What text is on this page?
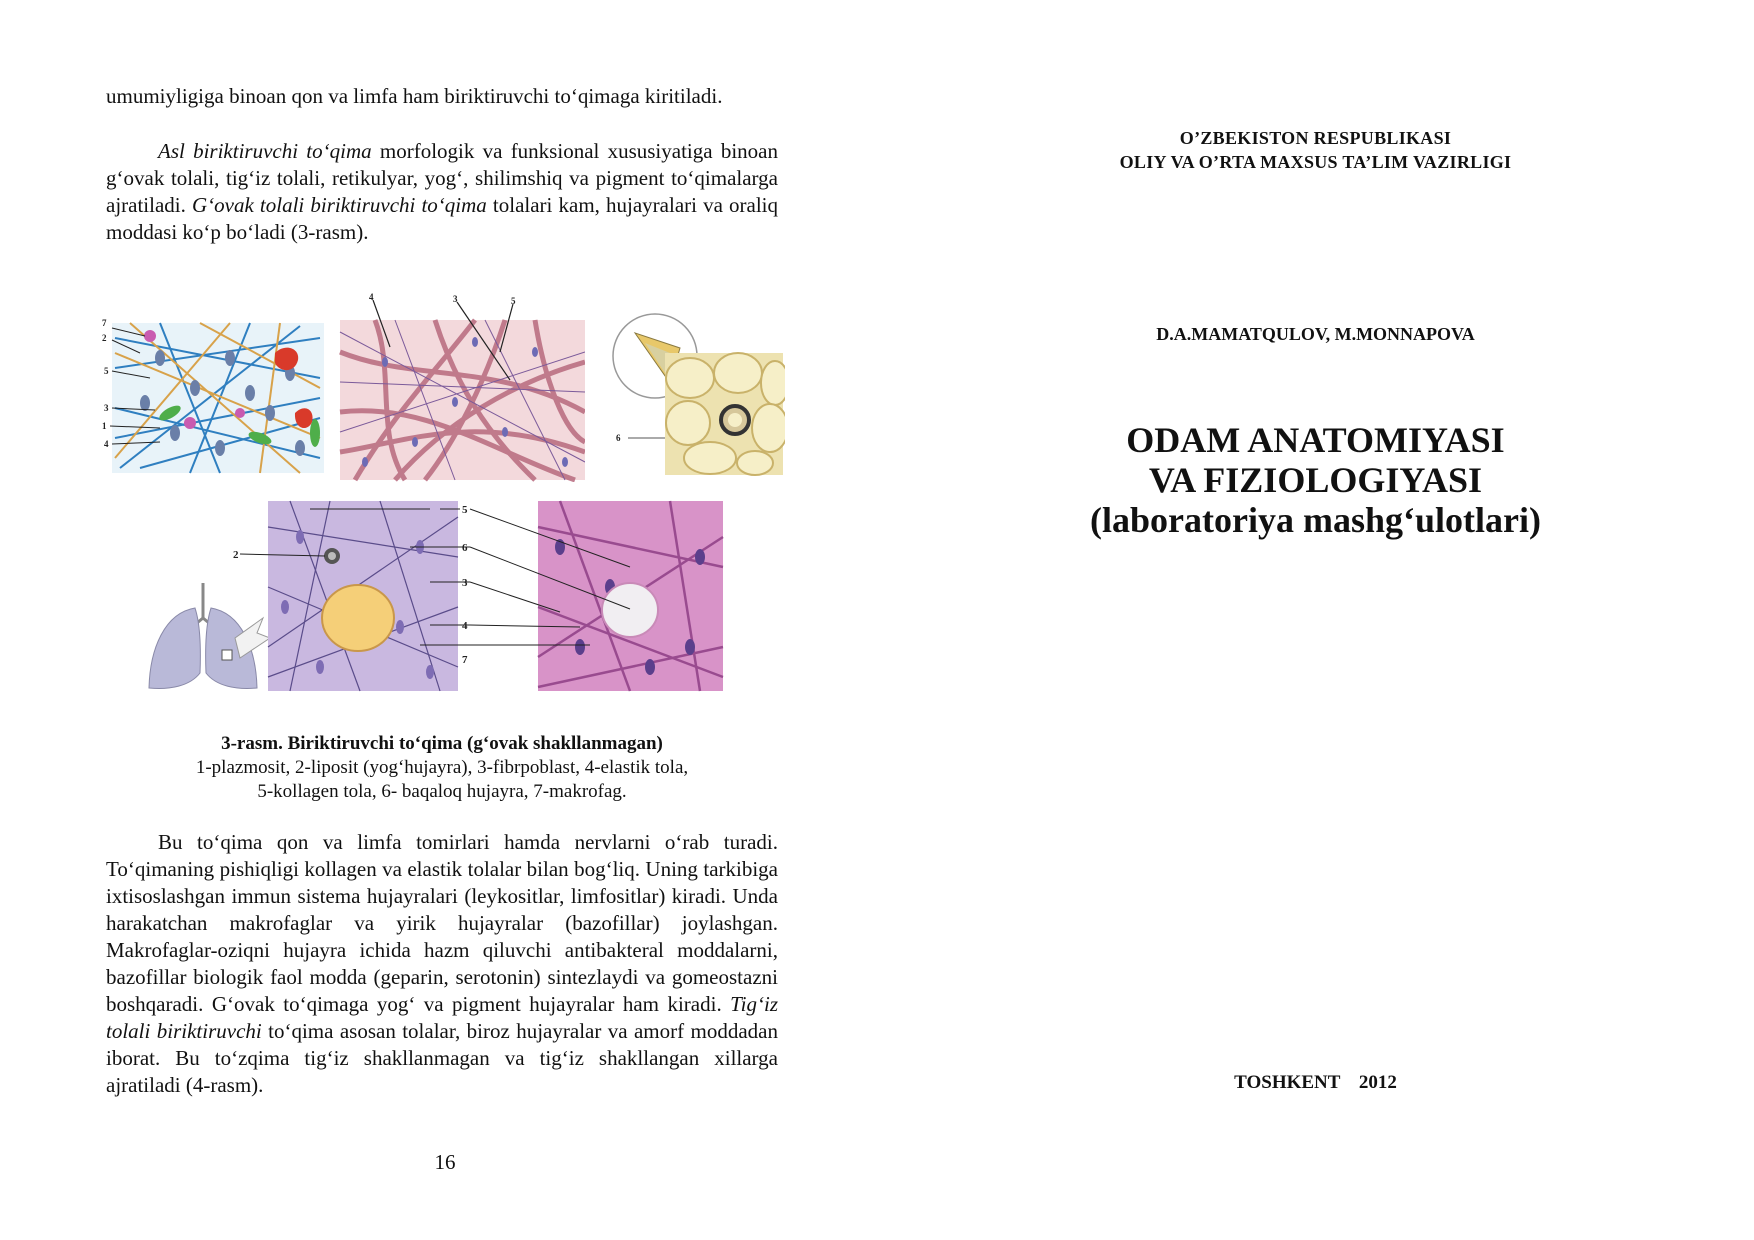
umumiyligiga binoan qon va limfa ham biriktiruvchi to‘qimaga kiritiladi.

Asl biriktiruvchi to‘qima morfologik va funksional xususiyatiga binoan g‘ovak tolali, tig‘iz tolali, retikulyar, yog‘, shilimshiq va pigment to‘qimalarga ajratiladi. G‘ovak tolali biriktiruvchi to‘qima tolalari kam, hujayralari va oraliq moddasi ko‘p bo‘ladi (3-rasm).

7
2
5
3
1
4
4	3	5
6
2
5
6
3
4
7
3-rasm. Biriktiruvchi to‘qima (g‘ovak shakllanmagan)
1-plazmosit, 2-liposit (yog‘hujayra), 3-fibrpoblast, 4-elastik tola,
5-kollagen tola, 6- baqaloq hujayra, 7-makrofag.

Bu to‘qima qon va limfa tomirlari hamda nervlarni o‘rab turadi. To‘qimaning pishiqligi kollagen va elastik tolalar bilan bog‘liq. Uning tarkibiga ixtisoslashgan immun sistema hujayralari (leykositlar, limfositlar) kiradi. Unda harakatchan makrofaglar va yirik hujayralar (bazofillar) joylashgan. Makrofaglar-oziqni hujayra ichida hazm qiluvchi antibakteral moddalarni, bazofillar biologik faol modda (geparin, serotonin) sintezlaydi va gomeostazni boshqaradi. G‘ovak to‘qimaga yog‘ va pigment hujayralar ham kiradi. Tig‘iz tolali biriktiruvchi to‘qima asosan tolalar, biroz hujayralar va amorf moddadan iborat. Bu to‘zqima tig‘iz shakllanmagan va tig‘iz shakllangan xillarga ajratiladi (4-rasm).

16
O’ZBEKISTON RESPUBLIKASI
OLIY VA O’RTA MAXSUS TA’LIM VAZIRLIGI
D.A.MAMATQULOV, M.MONNAPOVA
ODAM ANATOMIYASI
VA FIZIOLOGIYASI
(laboratoriya mashg‘ulotlari)
TOSHKENT 2012
